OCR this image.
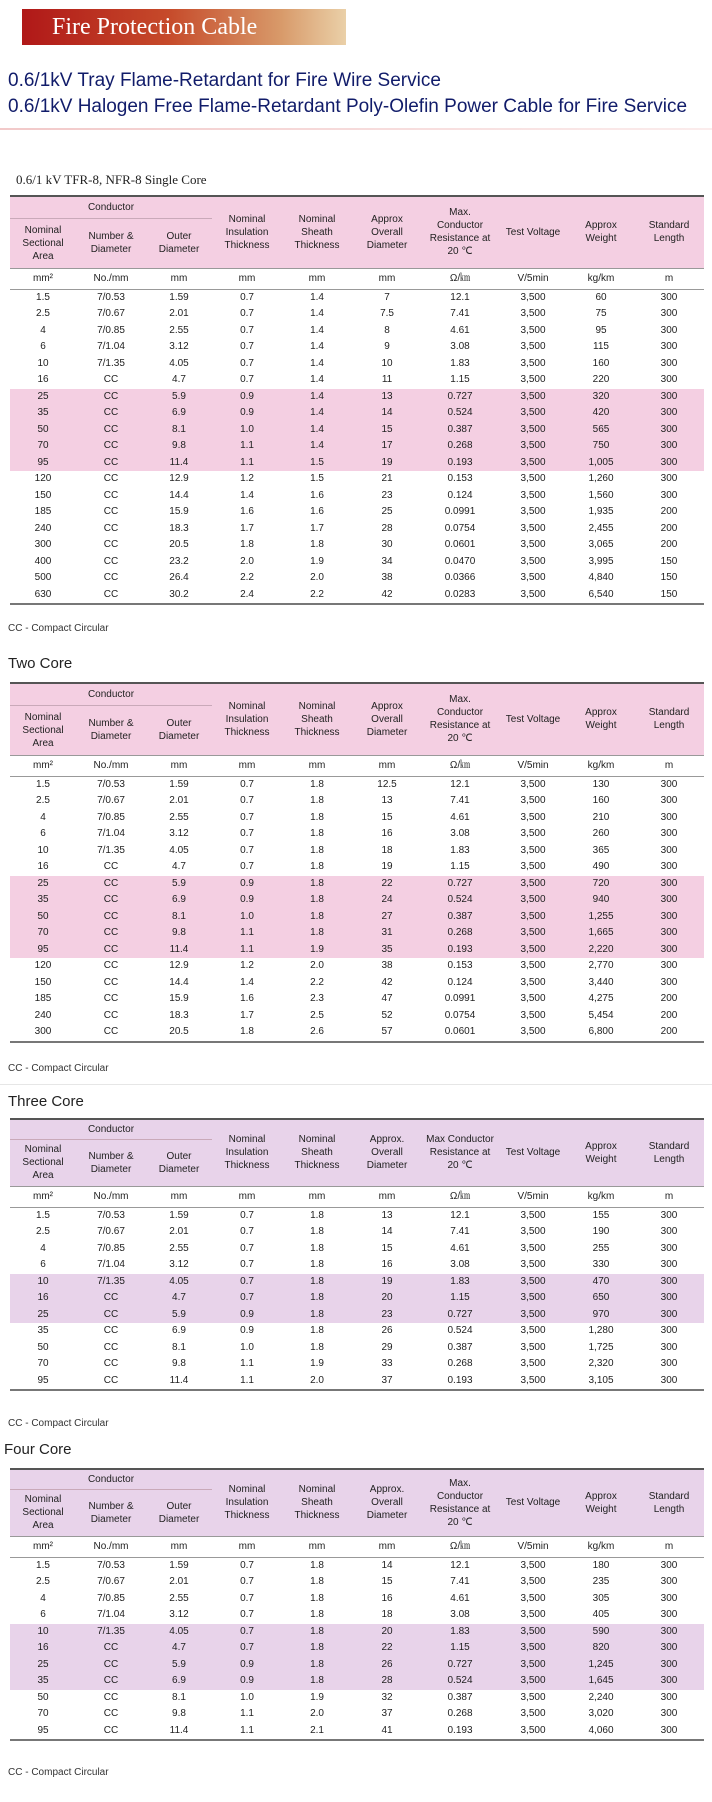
Fire Protection Cable
0.6/1kV Tray Flame-Retardant for Fire Wire Service
0.6/1kV Halogen Free Flame-Retardant Poly-Olefin Power Cable for Fire Service
0.6/1 kV TFR-8, NFR-8 Single Core
Conductor			Nominal Insulation Thickness	Nominal Sheath Thickness	Approx Overall Diameter	Max. Conductor Resistance at 20 ℃	Test Voltage	Approx Weight	Standard Length
Nominal Sectional Area	Number & Diameter	Outer Diameter							
mm²	No./mm	mm	mm	mm	mm	Ω/㎞	V/5min	kg/km	m
1.5	7/0.53	1.59	0.7	1.4	7	12.1	3,500	60	300
2.5	7/0.67	2.01	0.7	1.4	7.5	7.41	3,500	75	300
4	7/0.85	2.55	0.7	1.4	8	4.61	3,500	95	300
6	7/1.04	3.12	0.7	1.4	9	3.08	3,500	115	300
10	7/1.35	4.05	0.7	1.4	10	1.83	3,500	160	300
16	CC	4.7	0.7	1.4	11	1.15	3,500	220	300
25	CC	5.9	0.9	1.4	13	0.727	3,500	320	300
35	CC	6.9	0.9	1.4	14	0.524	3,500	420	300
50	CC	8.1	1.0	1.4	15	0.387	3,500	565	300
70	CC	9.8	1.1	1.4	17	0.268	3,500	750	300
95	CC	11.4	1.1	1.5	19	0.193	3,500	1,005	300
120	CC	12.9	1.2	1.5	21	0.153	3,500	1,260	300
150	CC	14.4	1.4	1.6	23	0.124	3,500	1,560	300
185	CC	15.9	1.6	1.6	25	0.0991	3,500	1,935	200
240	CC	18.3	1.7	1.7	28	0.0754	3,500	2,455	200
300	CC	20.5	1.8	1.8	30	0.0601	3,500	3,065	200
400	CC	23.2	2.0	1.9	34	0.0470	3,500	3,995	150
500	CC	26.4	2.2	2.0	38	0.0366	3,500	4,840	150
630	CC	30.2	2.4	2.2	42	0.0283	3,500	6,540	150
CC - Compact Circular
Two Core
Conductor			Nominal Insulation Thickness	Nominal Sheath Thickness	Approx Overall Diameter	Max. Conductor Resistance at 20 ℃	Test Voltage	Approx Weight	Standard Length
Nominal Sectional Area	Number & Diameter	Outer Diameter							
mm²	No./mm	mm	mm	mm	mm	Ω/㎞	V/5min	kg/km	m
1.5	7/0.53	1.59	0.7	1.8	12.5	12.1	3,500	130	300
2.5	7/0.67	2.01	0.7	1.8	13	7.41	3,500	160	300
4	7/0.85	2.55	0.7	1.8	15	4.61	3,500	210	300
6	7/1.04	3.12	0.7	1.8	16	3.08	3,500	260	300
10	7/1.35	4.05	0.7	1.8	18	1.83	3,500	365	300
16	CC	4.7	0.7	1.8	19	1.15	3,500	490	300
25	CC	5.9	0.9	1.8	22	0.727	3,500	720	300
35	CC	6.9	0.9	1.8	24	0.524	3,500	940	300
50	CC	8.1	1.0	1.8	27	0.387	3,500	1,255	300
70	CC	9.8	1.1	1.8	31	0.268	3,500	1,665	300
95	CC	11.4	1.1	1.9	35	0.193	3,500	2,220	300
120	CC	12.9	1.2	2.0	38	0.153	3,500	2,770	300
150	CC	14.4	1.4	2.2	42	0.124	3,500	3,440	300
185	CC	15.9	1.6	2.3	47	0.0991	3,500	4,275	200
240	CC	18.3	1.7	2.5	52	0.0754	3,500	5,454	200
300	CC	20.5	1.8	2.6	57	0.0601	3,500	6,800	200
CC - Compact Circular
Three Core
Conductor			Nominal Insulation Thickness	Nominal Sheath Thickness	Approx. Overall Diameter	Max Conductor Resistance at 20 ℃	Test Voltage	Approx Weight	Standard Length
Nominal Sectional Area	Number & Diameter	Outer Diameter							
mm²	No./mm	mm	mm	mm	mm	Ω/㎞	V/5min	kg/km	m
1.5	7/0.53	1.59	0.7	1.8	13	12.1	3,500	155	300
2.5	7/0.67	2.01	0.7	1.8	14	7.41	3,500	190	300
4	7/0.85	2.55	0.7	1.8	15	4.61	3,500	255	300
6	7/1.04	3.12	0.7	1.8	16	3.08	3,500	330	300
10	7/1.35	4.05	0.7	1.8	19	1.83	3,500	470	300
16	CC	4.7	0.7	1.8	20	1.15	3,500	650	300
25	CC	5.9	0.9	1.8	23	0.727	3,500	970	300
35	CC	6.9	0.9	1.8	26	0.524	3,500	1,280	300
50	CC	8.1	1.0	1.8	29	0.387	3,500	1,725	300
70	CC	9.8	1.1	1.9	33	0.268	3,500	2,320	300
95	CC	11.4	1.1	2.0	37	0.193	3,500	3,105	300
CC - Compact Circular
Four Core
Conductor			Nominal Insulation Thickness	Nominal Sheath Thickness	Approx. Overall Diameter	Max. Conductor Resistance at 20 ℃	Test Voltage	Approx Weight	Standard Length
Nominal Sectional Area	Number & Diameter	Outer Diameter							
mm²	No./mm	mm	mm	mm	mm	Ω/㎞	V/5min	kg/km	m
1.5	7/0.53	1.59	0.7	1.8	14	12.1	3,500	180	300
2.5	7/0.67	2.01	0.7	1.8	15	7.41	3,500	235	300
4	7/0.85	2.55	0.7	1.8	16	4.61	3,500	305	300
6	7/1.04	3.12	0.7	1.8	18	3.08	3,500	405	300
10	7/1.35	4.05	0.7	1.8	20	1.83	3,500	590	300
16	CC	4.7	0.7	1.8	22	1.15	3,500	820	300
25	CC	5.9	0.9	1.8	26	0.727	3,500	1,245	300
35	CC	6.9	0.9	1.8	28	0.524	3,500	1,645	300
50	CC	8.1	1.0	1.9	32	0.387	3,500	2,240	300
70	CC	9.8	1.1	2.0	37	0.268	3,500	3,020	300
95	CC	11.4	1.1	2.1	41	0.193	3,500	4,060	300
CC - Compact Circular
